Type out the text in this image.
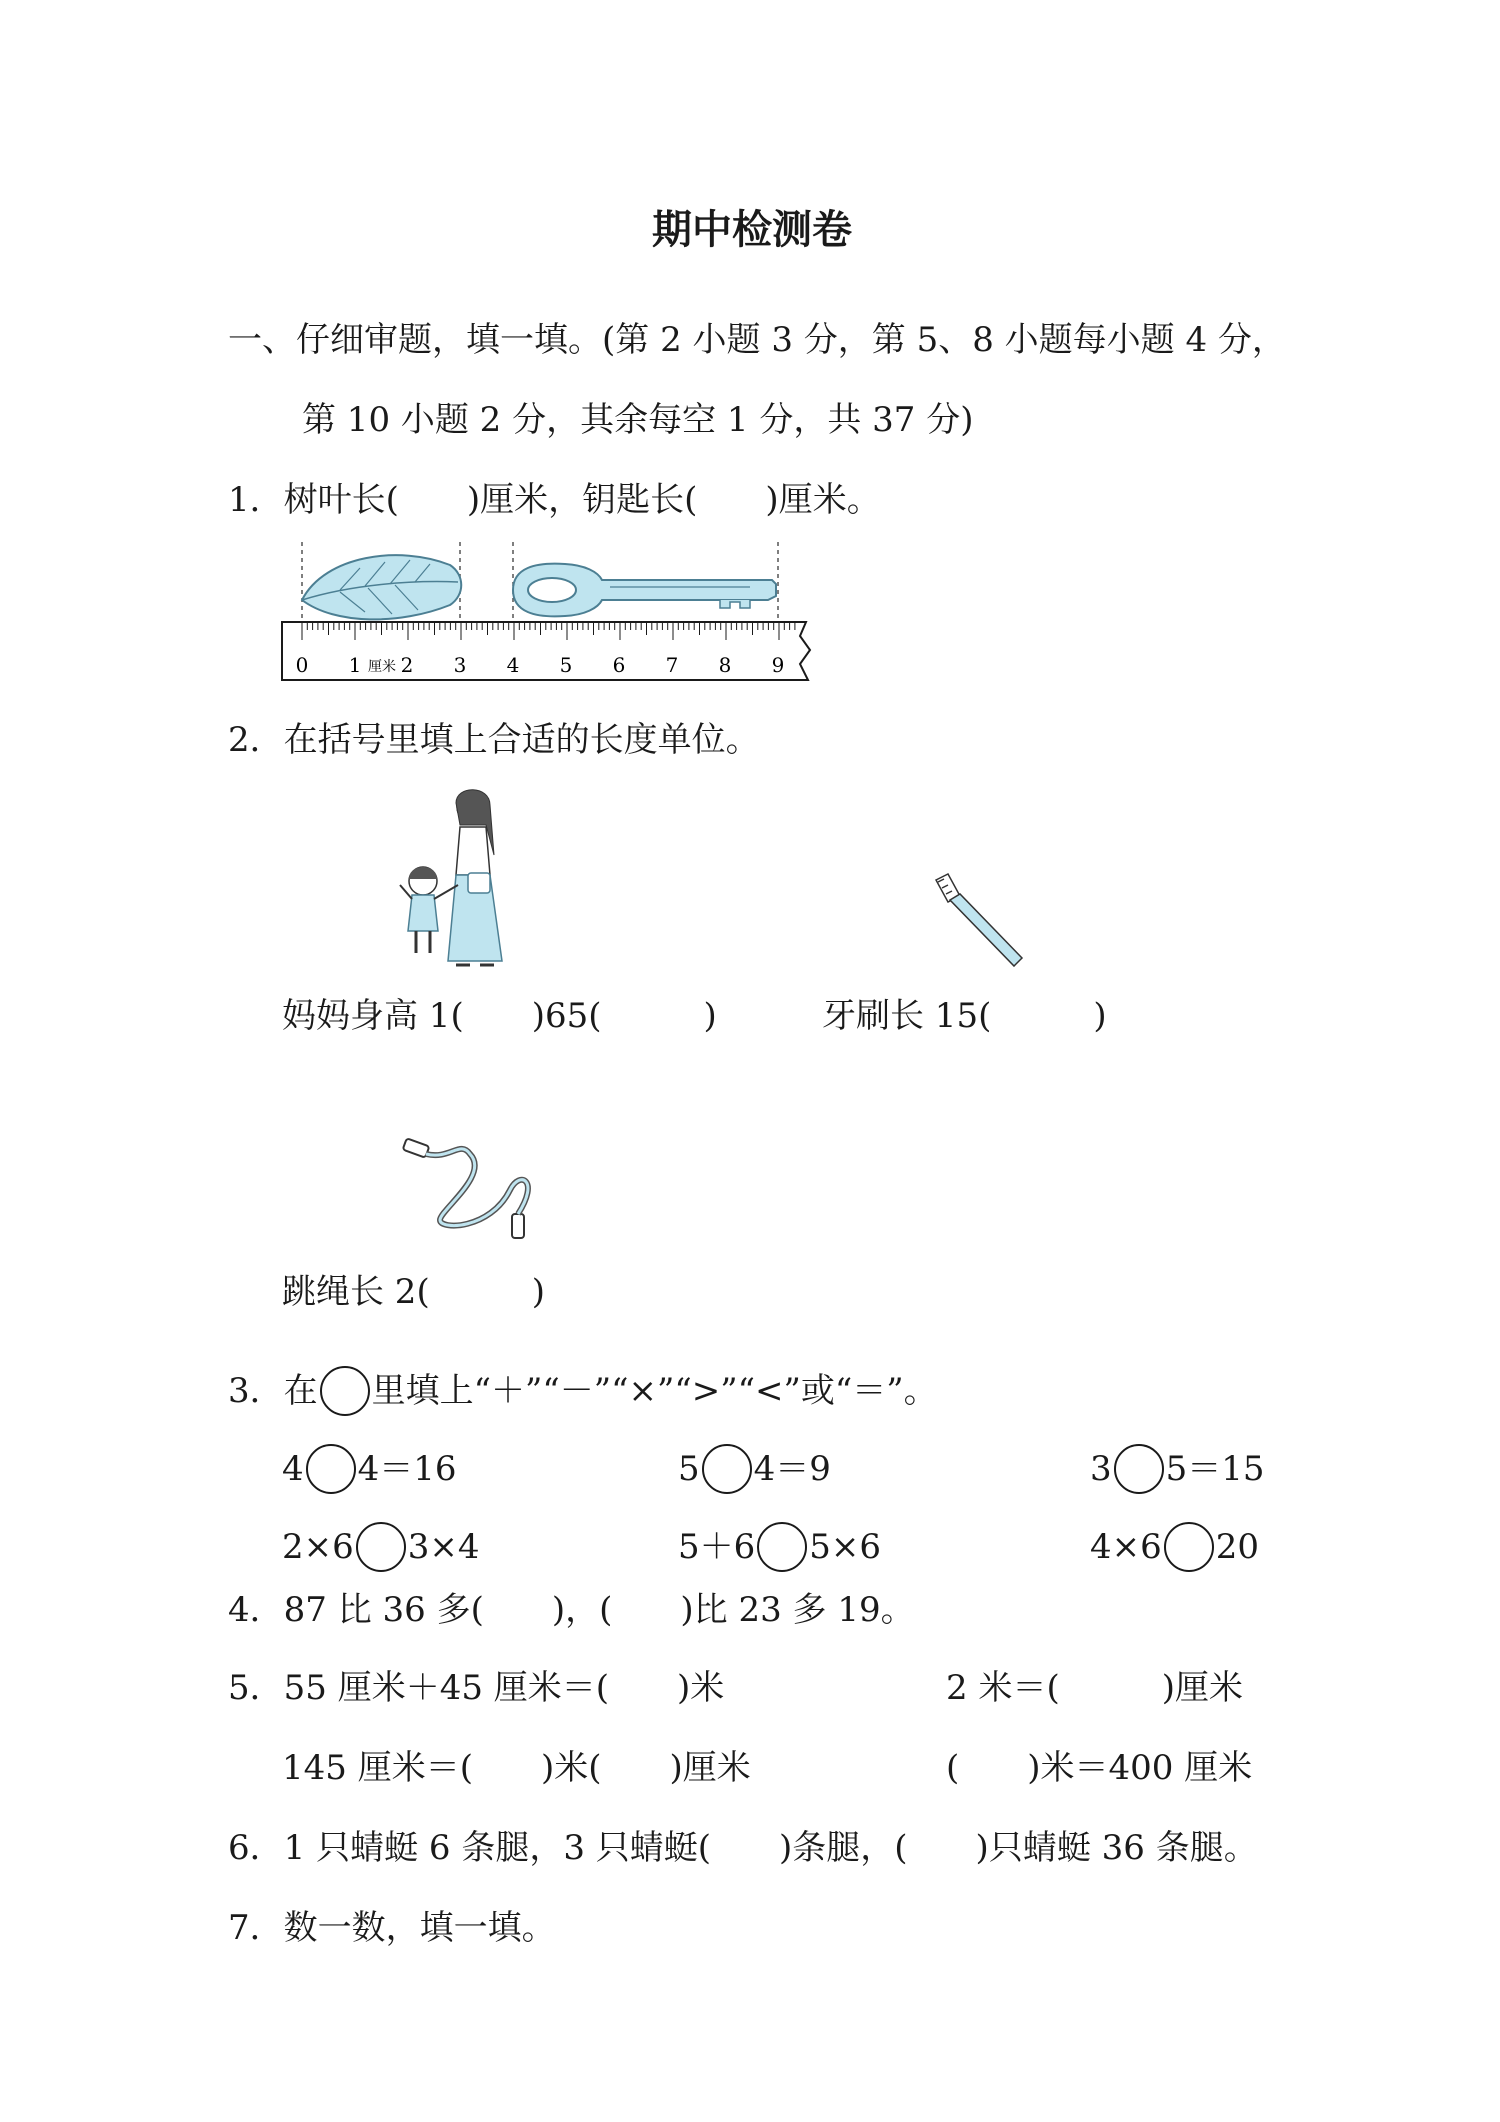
期中检测卷
一、仔细审题，填一填。(第 2 小题 3 分，第 5、8 小题每小题 4 分，
第 10 小题 2 分，其余每空 1 分，共 37 分)
1．树叶长(　　)厘米，钥匙长(　　)厘米。
0 1 厘米 2 3 4 5 6 7 8 9
2．在括号里填上合适的长度单位。
妈妈身高 1(　　)65(　　　)	牙刷长 15(　　　)
跳绳长 2(　　　)
3．在 里填上“＋”“－”“×”“>”“<”或“＝”。
4 4＝16	5 4＝9	3 5＝15
2×6 3×4	5＋6 5×6	4×6 20
4．87 比 36 多(　　)，(　　)比 23 多 19。
5．55 厘米＋45 厘米＝(　　)米	2 米＝(　　　)厘米
145 厘米＝(　　)米(　　)厘米	(　　)米＝400 厘米
6．1 只蜻蜓 6 条腿，3 只蜻蜓(　　)条腿，(　　)只蜻蜓 36 条腿。
7．数一数，填一填。
